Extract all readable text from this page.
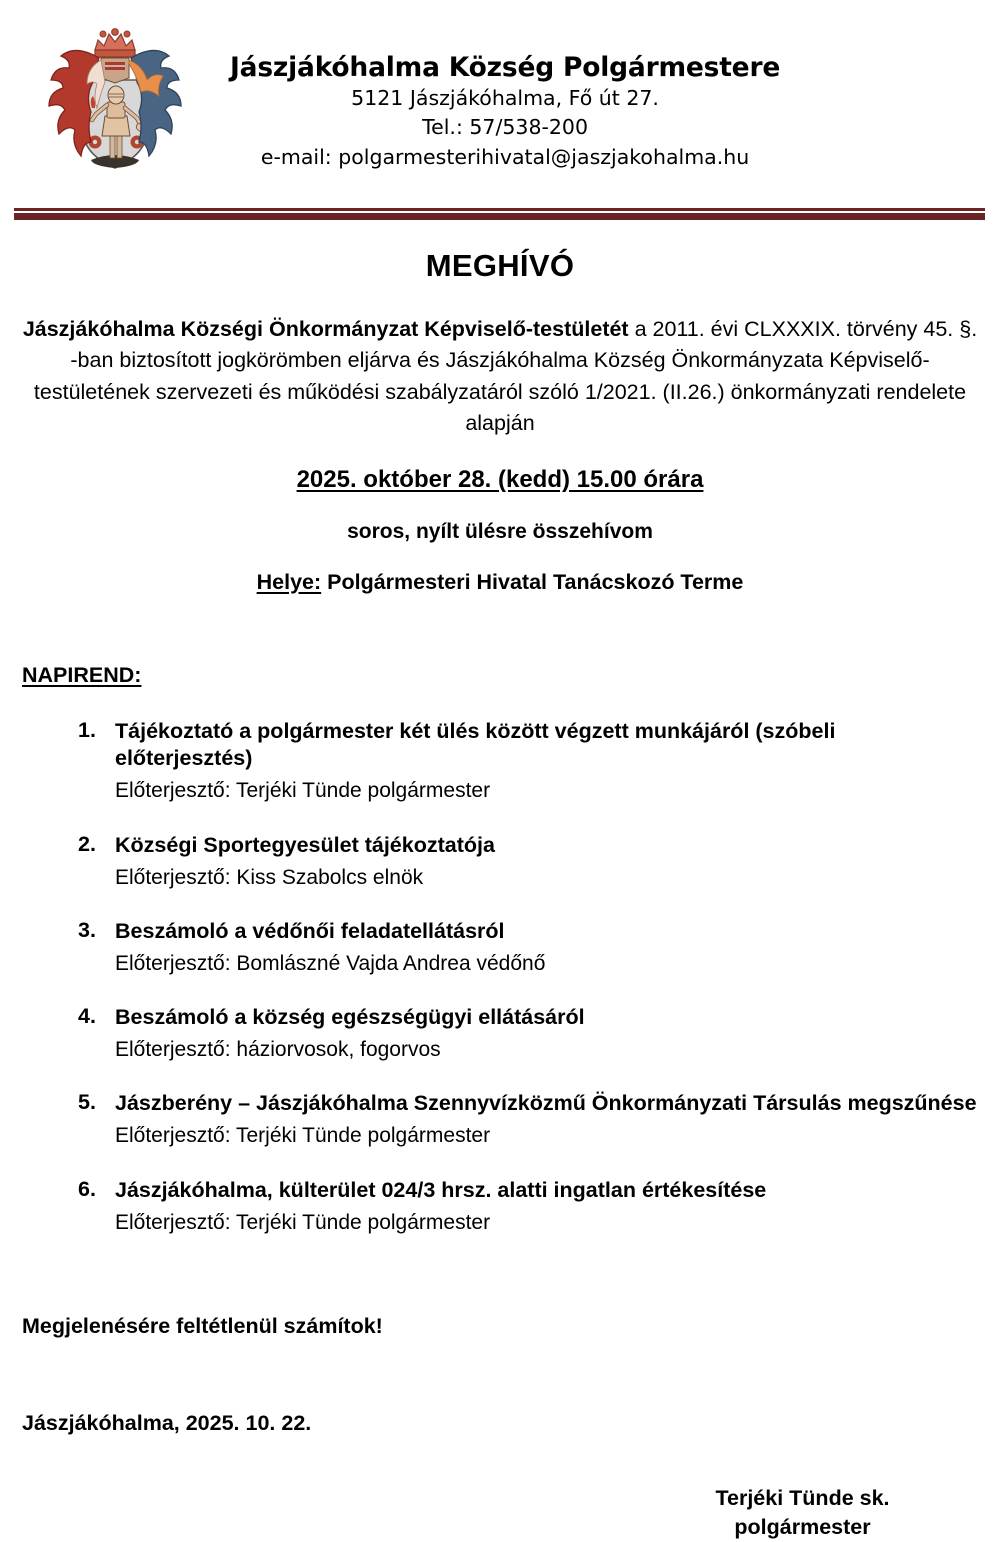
Jászjákóhalma Község Polgármestere
5121 Jászjákóhalma, Fő út 27.
Tel.: 57/538-200
e-mail: polgarmesterihivatal@jaszjakohalma.hu
MEGHÍVÓ

Jászjákóhalma Községi Önkormányzat Képviselő-testületét a 2011. évi CLXXXIX. törvény 45. §. -ban biztosított jogkörömben eljárva és Jászjákóhalma Község Önkormányzata Képviselő-testületének szervezeti és működési szabályzatáról szóló 1/2021. (II.26.) önkormányzati rendelete alapján

2025. október 28. (kedd) 15.00 órára
soros, nyílt ülésre összehívom
Helye: Polgármesteri Hivatal Tanácskozó Terme
NAPIREND:
1. Tájékoztató a polgármester két ülés között végzett munkájáról (szóbeli előterjesztés)
Előterjesztő: Terjéki Tünde polgármester
2. Községi Sportegyesület tájékoztatója
Előterjesztő: Kiss Szabolcs elnök
3. Beszámoló a védőnői feladatellátásról
Előterjesztő: Bomlászné Vajda Andrea védőnő
4. Beszámoló a község egészségügyi ellátásáról
Előterjesztő: háziorvosok, fogorvos
5. Jászberény – Jászjákóhalma Szennyvízközmű Önkormányzati Társulás megszűnése
Előterjesztő: Terjéki Tünde polgármester
6. Jászjákóhalma, külterület 024/3 hrsz. alatti ingatlan értékesítése
Előterjesztő: Terjéki Tünde polgármester
Megjelenésére feltétlenül számítok!
Jászjákóhalma, 2025. 10. 22.
Terjéki Tünde sk.
polgármester
